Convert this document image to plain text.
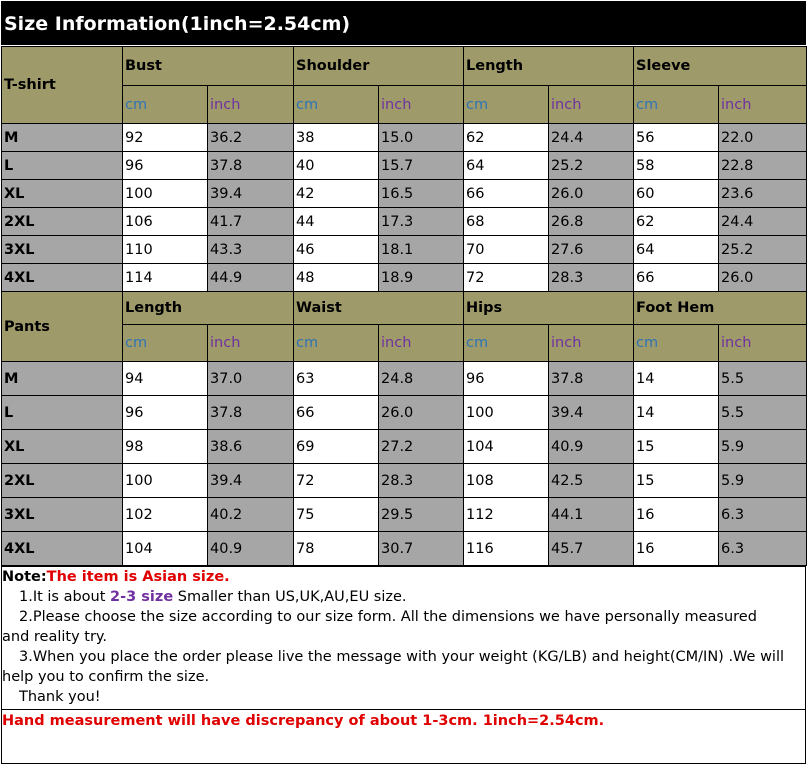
Size Information(1inch=2.54cm)
T-shirt	Bust		Shoulder		Length		Sleeve	
	cm	inch	cm	inch	cm	inch	cm	inch
M	92	36.2	38	15.0	62	24.4	56	22.0
L	96	37.8	40	15.7	64	25.2	58	22.8
XL	100	39.4	42	16.5	66	26.0	60	23.6
2XL	106	41.7	44	17.3	68	26.8	62	24.4
3XL	110	43.3	46	18.1	70	27.6	64	25.2
4XL	114	44.9	48	18.9	72	28.3	66	26.0
Pants	Length		Waist		Hips		Foot Hem	
	cm	inch	cm	inch	cm	inch	cm	inch
M	94	37.0	63	24.8	96	37.8	14	5.5
L	96	37.8	66	26.0	100	39.4	14	5.5
XL	98	38.6	69	27.2	104	40.9	15	5.9
2XL	100	39.4	72	28.3	108	42.5	15	5.9
3XL	102	40.2	75	29.5	112	44.1	16	6.3
4XL	104	40.9	78	30.7	116	45.7	16	6.3
Note:The item is Asian size.
1.It is about 2-3 size Smaller than US,UK,AU,EU size.
2.Please choose the size according to our size form. All the dimensions we have personally measured
and reality try.
3.When you place the order please live the message with your weight (KG/LB) and height(CM/IN) .We will
help you to confirm the size.
Thank you!
Hand measurement will have discrepancy of about 1-3cm. 1inch=2.54cm.
